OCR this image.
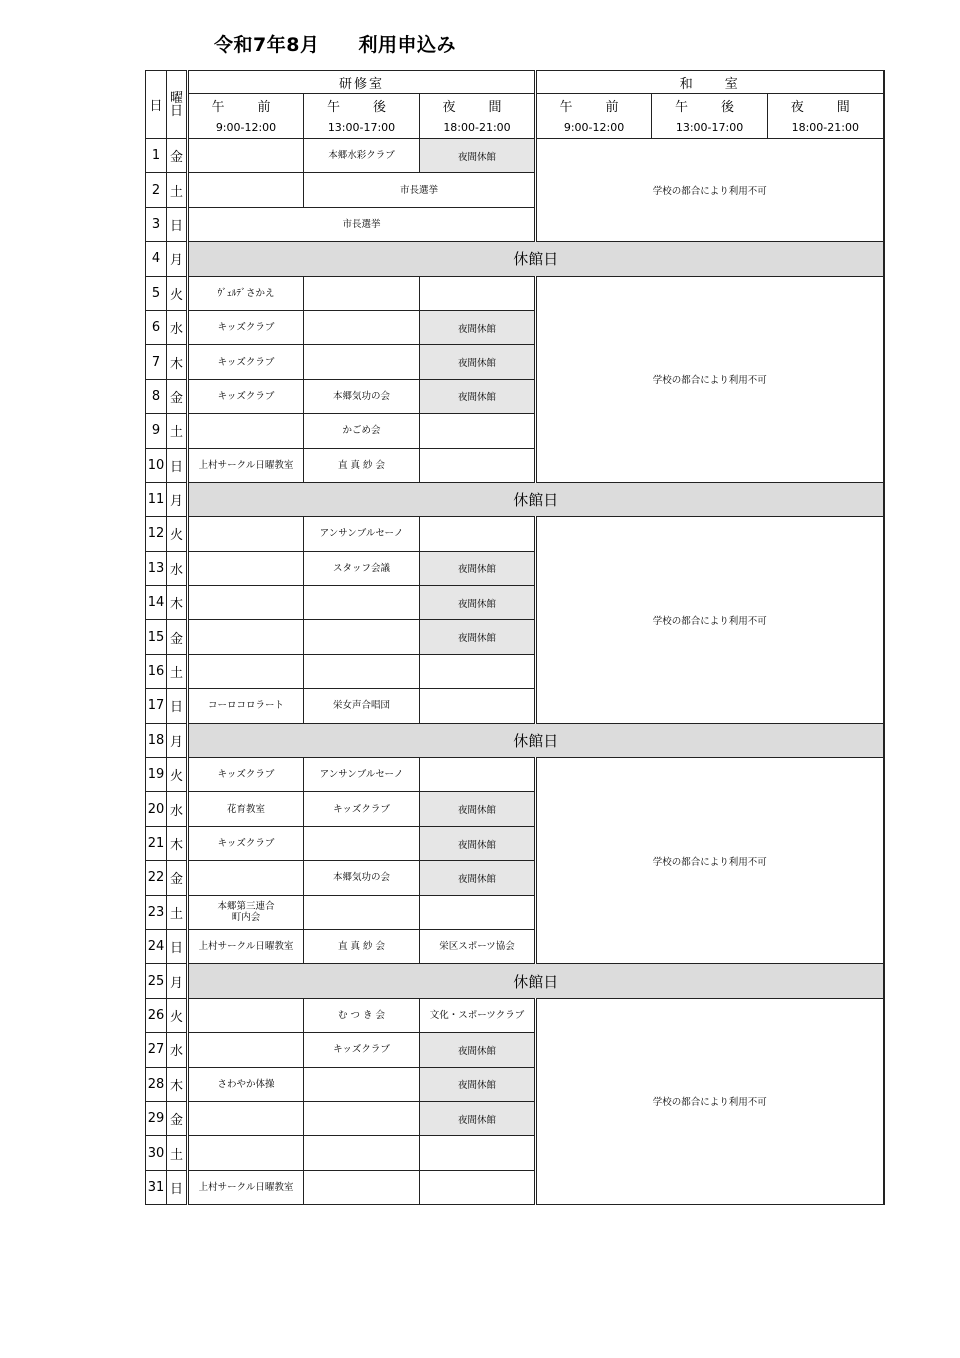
令和7年8月　　利用申込み
日	曜
日	研修室			和　　室		
		午　前	午　後	夜　間	午　前	午　後	夜　間
		9:00-12:00	13:00-17:00	18:00-21:00	9:00-12:00	13:00-17:00	18:00-21:00
1	金		本郷水彩クラブ	夜間休館	学校の都合により利用不可		
2	土		市長選挙				
3	日	市長選挙					
4	月	休館日					
5	火	ｳﾞｪﾙﾃﾞさかえ			学校の都合により利用不可		
6	水	キッズクラブ		夜間休館			
7	木	キッズクラブ		夜間休館			
8	金	キッズクラブ	本郷気功の会	夜間休館			
9	土		かごめ会				
10	日	上村サークル日曜教室	直 真 紗 会				
11	月	休館日					
12	火		アンサンブルセーノ		学校の都合により利用不可		
13	水		スタッフ会議	夜間休館			
14	木			夜間休館			
15	金			夜間休館			
16	土						
17	日	コーロコロラート	栄女声合唱団				
18	月	休館日					
19	火	キッズクラブ	アンサンブルセーノ		学校の都合により利用不可		
20	水	花育教室	キッズクラブ	夜間休館			
21	木	キッズクラブ		夜間休館			
22	金		本郷気功の会	夜間休館			
23	土	本郷第三連合
町内会					
24	日	上村サークル日曜教室	直 真 紗 会	栄区スポーツ協会			
25	月	休館日					
26	火		む つ き 会	文化・スポーツクラブ	学校の都合により利用不可		
27	水		キッズクラブ	夜間休館			
28	木	さわやか体操		夜間休館			
29	金			夜間休館			
30	土						
31	日	上村サークル日曜教室					
